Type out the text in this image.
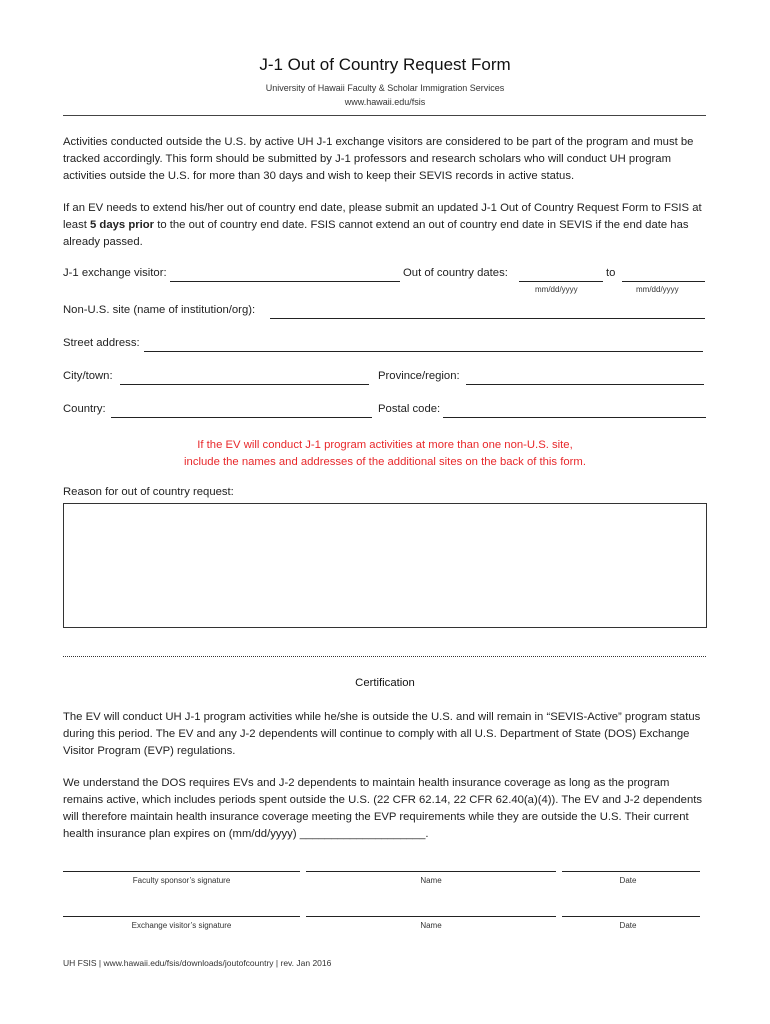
J-1 Out of Country Request Form
University of Hawaii Faculty & Scholar Immigration Services
www.hawaii.edu/fsis
Activities conducted outside the U.S. by active UH J-1 exchange visitors are considered to be part of the program and must be tracked accordingly. This form should be submitted by J-1 professors and research scholars who will conduct UH program activities outside the U.S. for more than 30 days and wish to keep their SEVIS records in active status.
If an EV needs to extend his/her out of country end date, please submit an updated J-1 Out of Country Request Form to FSIS at least 5 days prior to the out of country end date. FSIS cannot extend an out of country end date in SEVIS if the end date has already passed.
J-1 exchange visitor:	Out of country dates:	to
mm/dd/yyyy	mm/dd/yyyy
Non-U.S. site (name of institution/org):
Street address:
City/town:	Province/region:
Country:	Postal code:
If the EV will conduct J-1 program activities at more than one non-U.S. site,
include the names and addresses of the additional sites on the back of this form.
Reason for out of country request:
Certification
The EV will conduct UH J-1 program activities while he/she is outside the U.S. and will remain in “SEVIS-Active” program status during this period. The EV and any J-2 dependents will continue to comply with all U.S. Department of State (DOS) Exchange Visitor Program (EVP) regulations.
We understand the DOS requires EVs and J-2 dependents to maintain health insurance coverage as long as the program remains active, which includes periods spent outside the U.S. (22 CFR 62.14, 22 CFR 62.40(a)(4)). The EV and J-2 dependents will therefore maintain health insurance coverage meeting the EVP requirements while they are outside the U.S. Their current health insurance plan expires on (mm/dd/yyyy) ____________________.
Faculty sponsor’s signature	Name	Date
Exchange visitor’s signature	Name	Date
UH FSIS | www.hawaii.edu/fsis/downloads/joutofcountry | rev. Jan 2016
